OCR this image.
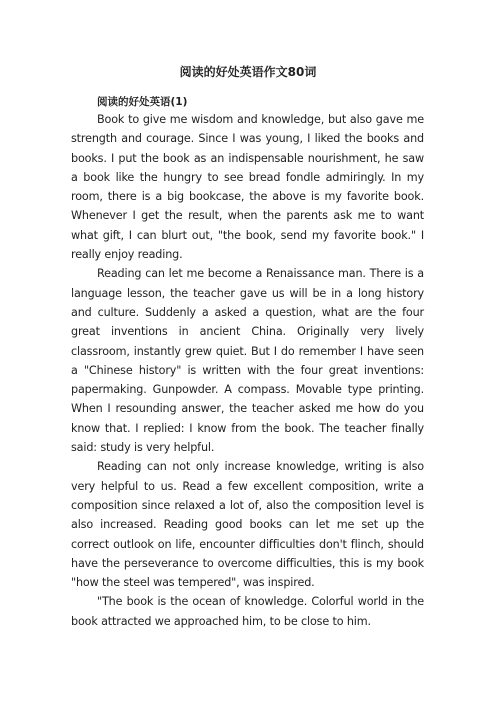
阅读的好处英语作文80词

阅读的好处英语(1)

Book to give me wisdom and knowledge, but also gave me strength and courage. Since I was young, I liked the books and books. I put the book as an indispensable nourishment, he saw a book like the hungry to see bread fondle admiringly. In my room, there is a big bookcase, the above is my favorite book. Whenever I get the result, when the parents ask me to want what gift, I can blurt out, "the book, send my favorite book." I really enjoy reading.

Reading can let me become a Renaissance man. There is a language lesson, the teacher gave us will be in a long history and culture. Suddenly a asked a question, what are the four great inventions in ancient China. Originally very lively classroom, instantly grew quiet. But I do remember I have seen a "Chinese history" is written with the four great inventions: papermaking. Gunpowder. A compass. Movable type printing. When I resounding answer, the teacher asked me how do you know that. I replied: I know from the book. The teacher finally said: study is very helpful.

Reading can not only increase knowledge, writing is also very helpful to us. Read a few excellent composition, write a composition since relaxed a lot of, also the composition level is also increased. Reading good books can let me set up the correct outlook on life, encounter difficulties don't flinch, should have the perseverance to overcome difficulties, this is my book "how the steel was tempered", was inspired.

"The book is the ocean of knowledge. Colorful world in the book attracted we approached him, to be close to him.
